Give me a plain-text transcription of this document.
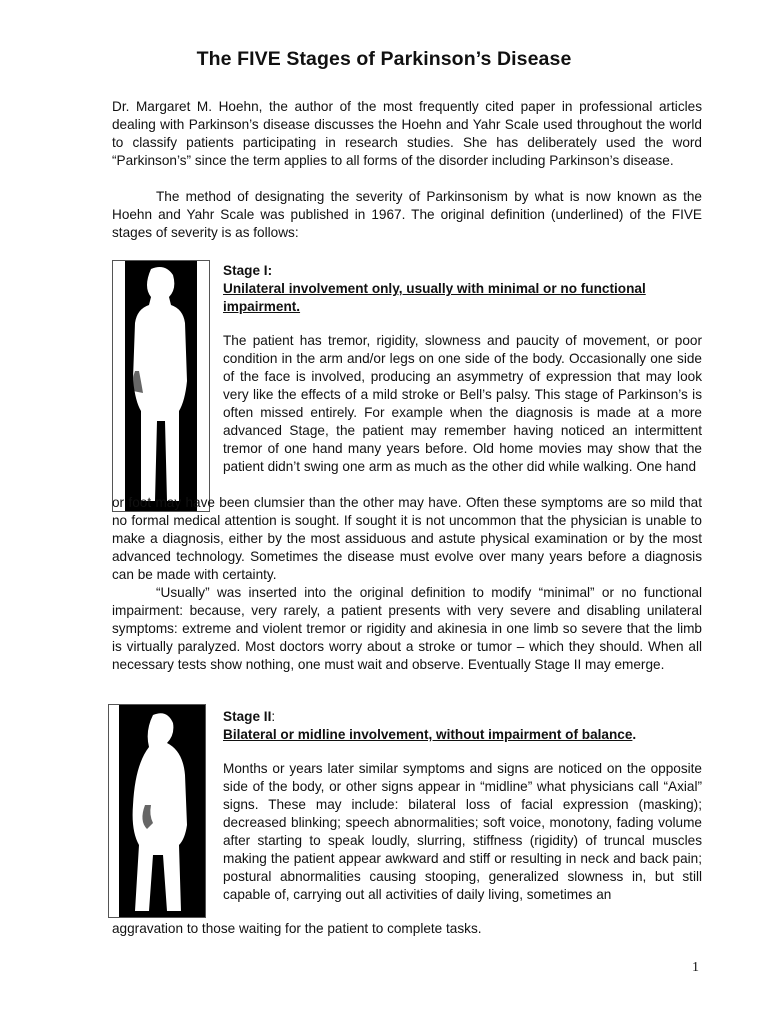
The FIVE Stages of Parkinson’s Disease

Dr. Margaret M. Hoehn, the author of the most frequently cited paper in professional articles dealing with Parkinson’s disease discusses the Hoehn and Yahr Scale used throughout the world to classify patients participating in research studies. She has deliberately used the word “Parkinson’s” since the term applies to all forms of the disorder including Parkinson’s disease.

The method of designating the severity of Parkinsonism by what is now known as the Hoehn and Yahr Scale was published in 1967. The original definition (underlined) of the FIVE stages of severity is as follows:

Stage I:
Unilateral involvement only, usually with minimal or no functional impairment.

The patient has tremor, rigidity, slowness and paucity of movement, or poor condition in the arm and/or legs on one side of the body. Occasionally one side of the face is involved, producing an asymmetry of expression that may look very like the effects of a mild stroke or Bell’s palsy. This stage of Parkinson’s is often missed entirely. For example when the diagnosis is made at a more advanced Stage, the patient may remember having noticed an intermittent tremor of one hand many years before. Old home movies may show that the patient didn’t swing one arm as much as the other did while walking. One hand

or foot may have been clumsier than the other may have. Often these symptoms are so mild that no formal medical attention is sought. If sought it is not uncommon that the physician is unable to make a diagnosis, either by the most assiduous and astute physical examination or by the most advanced technology. Sometimes the disease must evolve over many years before a diagnosis can be made with certainty.

“Usually” was inserted into the original definition to modify “minimal” or no functional impairment: because, very rarely, a patient presents with very severe and disabling unilateral symptoms: extreme and violent tremor or rigidity and akinesia in one limb so severe that the limb is virtually paralyzed. Most doctors worry about a stroke or tumor – which they should. When all necessary tests show nothing, one must wait and observe. Eventually Stage II may emerge.

Stage II:
Bilateral or midline involvement, without impairment of balance.

Months or years later similar symptoms and signs are noticed on the opposite side of the body, or other signs appear in “midline” what physicians call “Axial” signs. These may include: bilateral loss of facial expression (masking); decreased blinking; speech abnormalities; soft voice, monotony, fading volume after starting to speak loudly, slurring, stiffness (rigidity) of truncal muscles making the patient appear awkward and stiff or resulting in neck and back pain; postural abnormalities causing stooping, generalized slowness in, but still capable of, carrying out all activities of daily living, sometimes an

aggravation to those waiting for the patient to complete tasks.

1
